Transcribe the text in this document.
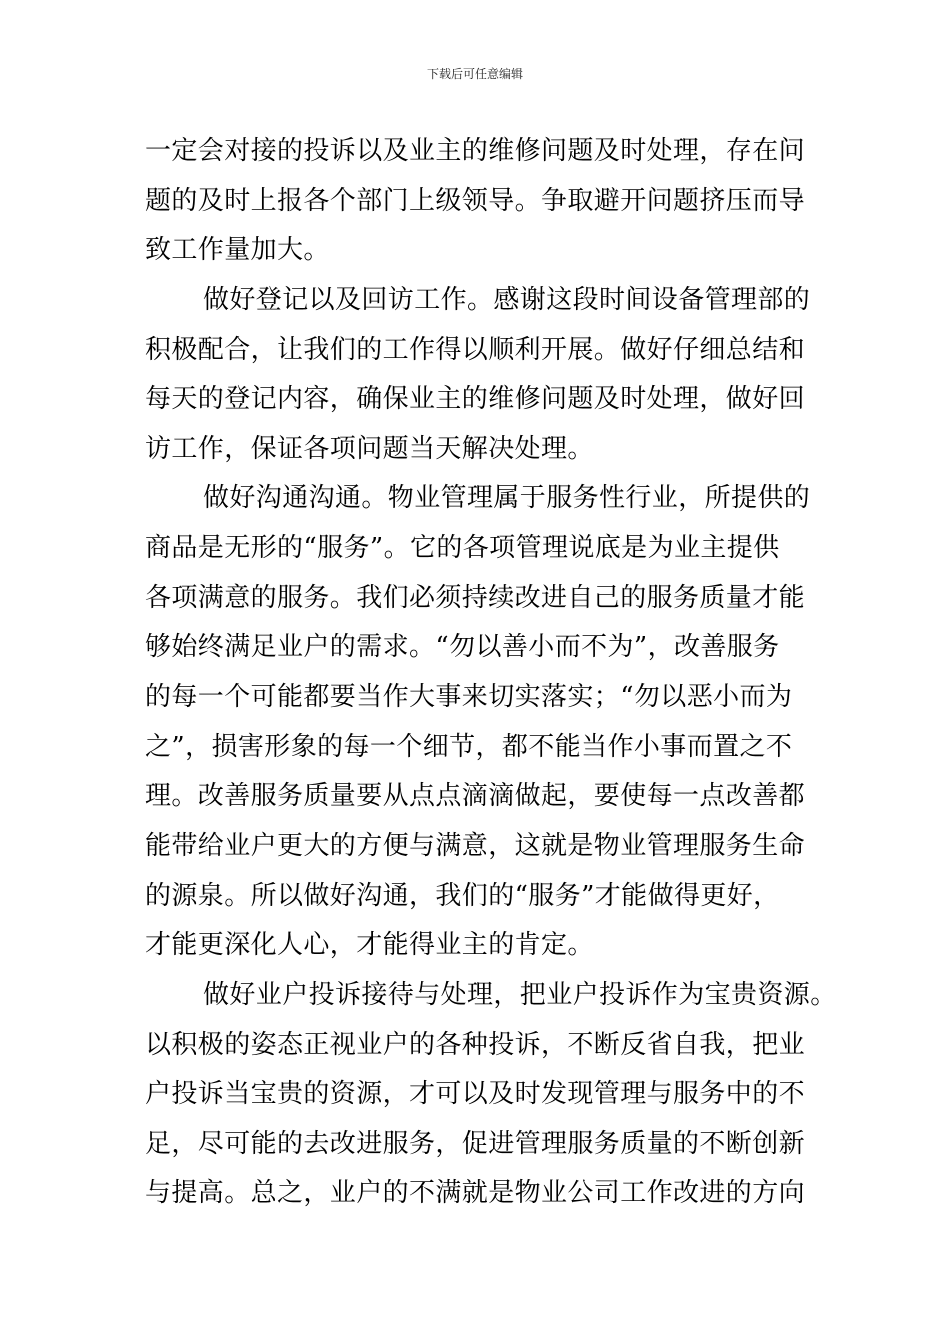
下载后可任意编辑
一定会对接的投诉以及业主的维修问题及时处理，存在问
题的及时上报各个部门上级领导。争取避开问题挤压而导
致工作量加大。
做好登记以及回访工作。感谢这段时间设备管理部的
积极配合，让我们的工作得以顺利开展。做好仔细总结和
每天的登记内容，确保业主的维修问题及时处理，做好回
访工作，保证各项问题当天解决处理。
做好沟通沟通。物业管理属于服务性行业，所提供的
商品是无形的“服务”。它的各项管理说底是为业主提供
各项满意的服务。我们必须持续改进自己的服务质量才能
够始终满足业户的需求。“勿以善小而不为”，改善服务
的每一个可能都要当作大事来切实落实；“勿以恶小而为
之”，损害形象的每一个细节，都不能当作小事而置之不
理。改善服务质量要从点点滴滴做起，要使每一点改善都
能带给业户更大的方便与满意，这就是物业管理服务生命
的源泉。所以做好沟通，我们的“服务”才能做得更好，
才能更深化人心，才能得业主的肯定。
做好业户投诉接待与处理，把业户投诉作为宝贵资源。
以积极的姿态正视业户的各种投诉，不断反省自我，把业
户投诉当宝贵的资源，才可以及时发现管理与服务中的不
足，尽可能的去改进服务，促进管理服务质量的不断创新
与提高。总之，业户的不满就是物业公司工作改进的方向
